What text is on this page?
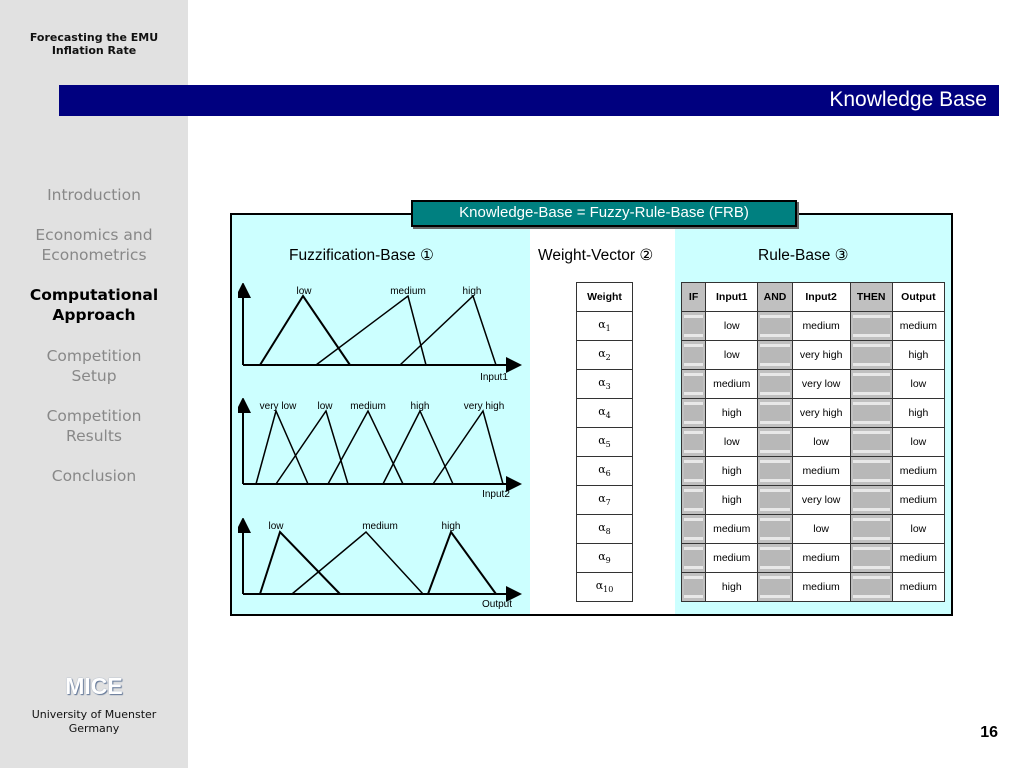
Forecasting the EMU
Inflation Rate
Introduction
Economics and
Econometrics
Computational
Approach
Competition
Setup
Competition
Results
Conclusion
MICE
University of Muenster
Germany
Knowledge Base
Knowledge-Base = Fuzzy-Rule-Base (FRB)
Fuzzification-Base ①	Weight-Vector ②	Rule-Base ③
low	medium	high
Input1
very low low medium high	very high
Input2
low	medium	high
Output
Weight
$\alpha_1$
$\alpha_2$
$\alpha_3$
$\alpha_4$
$\alpha_5$
$\alpha_6$
$\alpha_7$
$\alpha_8$
$\alpha_9$
$\alpha_{10}$
IF	Input1	AND	Input2	THEN	Output

	low		medium		medium

	low		very high		high

	medium		very low		low

	high		very high		high

	low		low		low

	high		medium		medium

	high		very low		medium

	medium		low		low

	medium		medium		medium

	high		medium		medium
16
